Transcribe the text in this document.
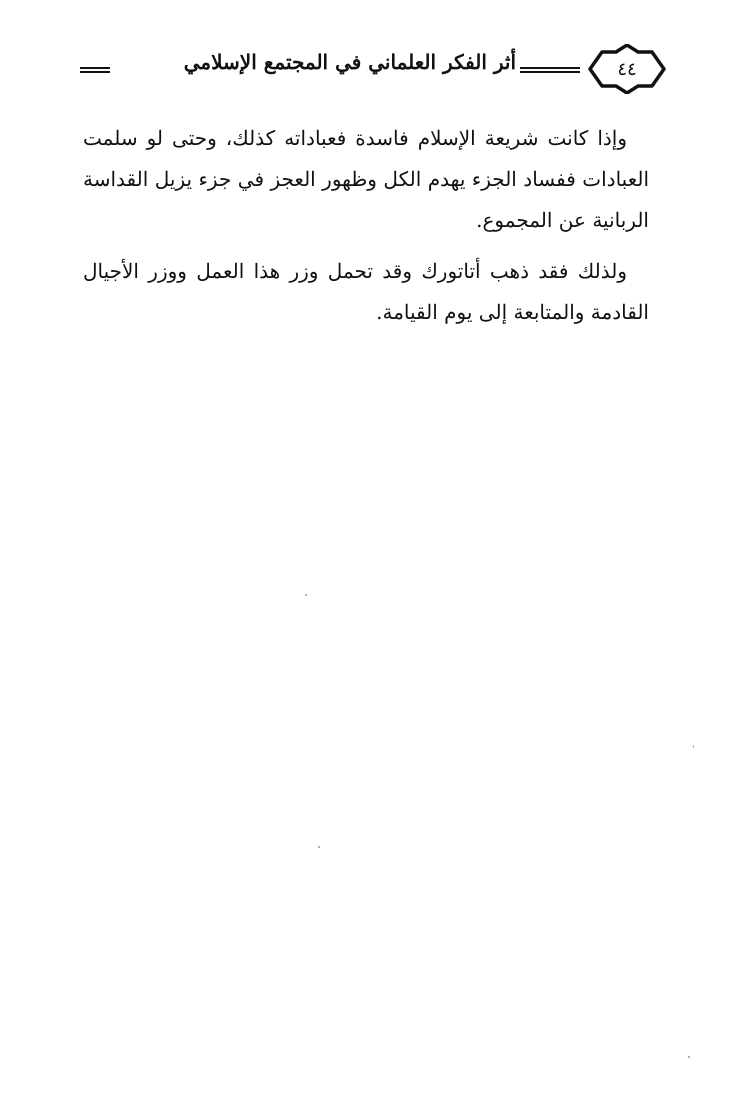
٤٤
أثر الفكر العلماني في المجتمع الإسلامي

وإذا كانت شريعة الإسلام فاسدة فعباداته كذلك، وحتى لو سلمت العبادات ففساد الجزء يهدم الكل وظهور العجز في جزء يزيل القداسة الربانية عن المجموع.

ولذلك فقد ذهب أتاتورك وقد تحمل وزر هذا العمل ووزر الأجيال القادمة والمتابعة إلى يوم القيامة.
